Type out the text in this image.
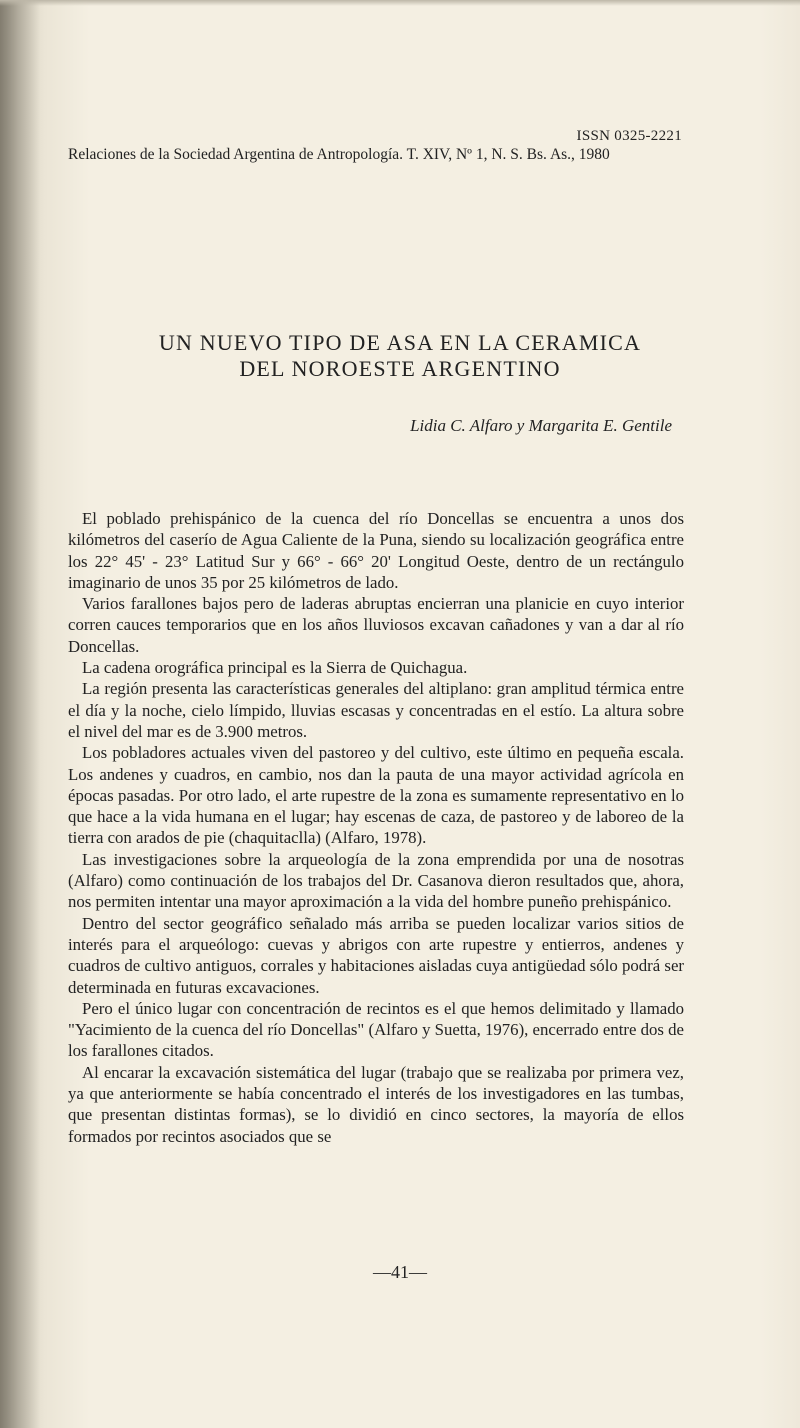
ISSN 0325-2221
Relaciones de la Sociedad Argentina de Antropología. T. XIV, Nº 1, N. S. Bs. As., 1980
UN NUEVO TIPO DE ASA EN LA CERAMICA
DEL NOROESTE ARGENTINO
Lidia C. Alfaro y Margarita E. Gentile

El poblado prehispánico de la cuenca del río Doncellas se encuentra a unos dos kilómetros del caserío de Agua Caliente de la Puna, siendo su localización geográfica entre los 22° 45' - 23° Latitud Sur y 66° - 66° 20' Longitud Oeste, dentro de un rectángulo imaginario de unos 35 por 25 kilómetros de lado.

Varios farallones bajos pero de laderas abruptas encierran una planicie en cuyo interior corren cauces temporarios que en los años lluviosos excavan cañadones y van a dar al río Doncellas.

La cadena orográfica principal es la Sierra de Quichagua.

La región presenta las características generales del altiplano: gran amplitud térmica entre el día y la noche, cielo límpido, lluvias escasas y concentradas en el estío. La altura sobre el nivel del mar es de 3.900 metros.

Los pobladores actuales viven del pastoreo y del cultivo, este último en pequeña escala. Los andenes y cuadros, en cambio, nos dan la pauta de una mayor actividad agrícola en épocas pasadas. Por otro lado, el arte rupestre de la zona es sumamente representativo en lo que hace a la vida humana en el lugar; hay escenas de caza, de pastoreo y de laboreo de la tierra con arados de pie (chaquitaclla) (Alfaro, 1978).

Las investigaciones sobre la arqueología de la zona emprendida por una de nosotras (Alfaro) como continuación de los trabajos del Dr. Casanova dieron resultados que, ahora, nos permiten intentar una mayor aproximación a la vida del hombre puneño prehispánico.

Dentro del sector geográfico señalado más arriba se pueden localizar varios sitios de interés para el arqueólogo: cuevas y abrigos con arte rupestre y entierros, andenes y cuadros de cultivo antiguos, corrales y habitaciones aisladas cuya antigüedad sólo podrá ser determinada en futuras excavaciones.

Pero el único lugar con concentración de recintos es el que hemos delimitado y llamado "Yacimiento de la cuenca del río Doncellas" (Alfaro y Suetta, 1976), encerrado entre dos de los farallones citados.

Al encarar la excavación sistemática del lugar (trabajo que se realizaba por primera vez, ya que anteriormente se había concentrado el interés de los investigadores en las tumbas, que presentan distintas formas), se lo dividió en cinco sectores, la mayoría de ellos formados por recintos asociados que se

—41—
